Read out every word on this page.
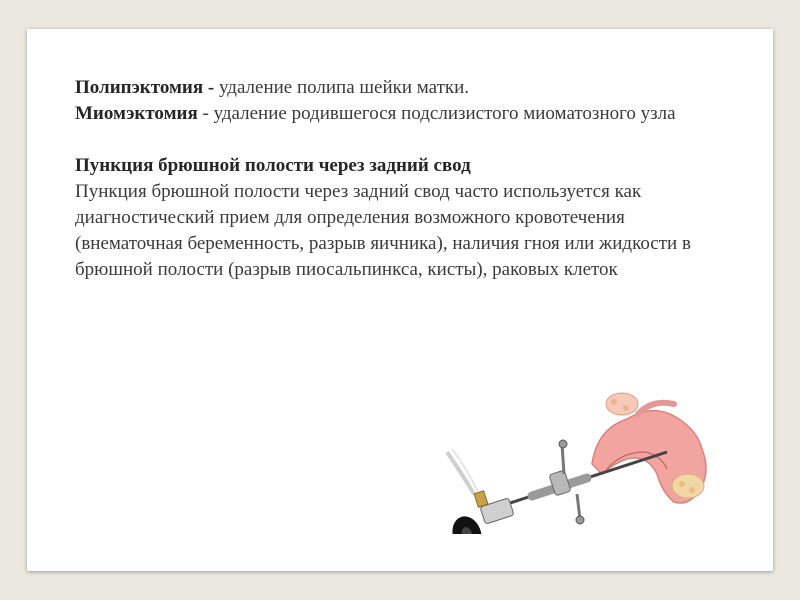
Полипэктомия - удаление полипа шейки матки.

Миомэктомия - удаление родившегося подслизистого миоматозного узла

Пункция брюшной полости через задний свод

Пункция брюшной полости через задний свод часто используется как диагностический прием для определения возможного кровотечения (внематочная беременность, разрыв яичника), наличия гноя или жидкости в брюшной полости (разрыв пиосальпинкса, кисты), раковых клеток
